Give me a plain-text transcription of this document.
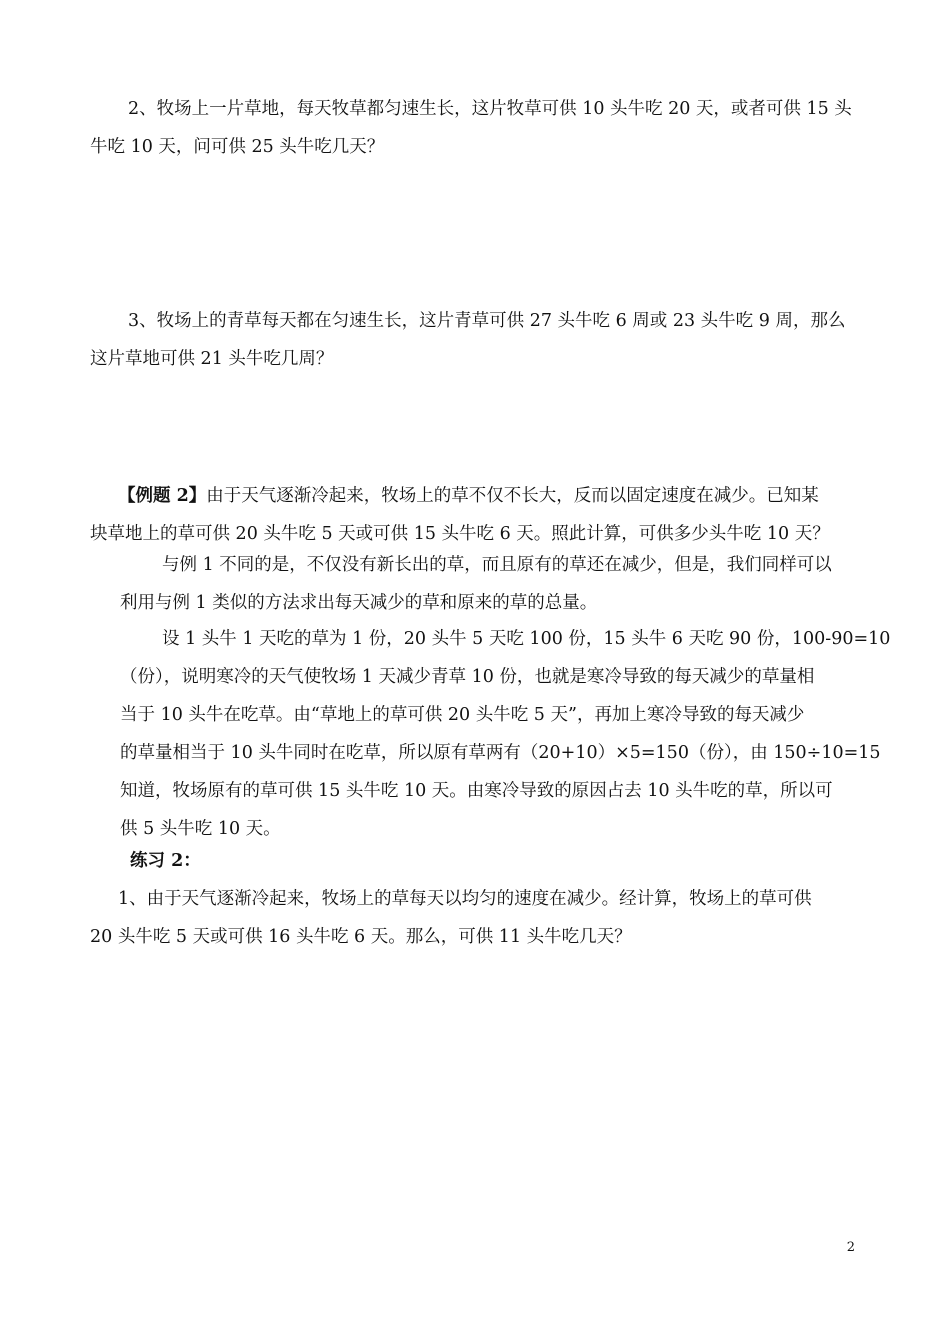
2、牧场上一片草地，每天牧草都匀速生长，这片牧草可供 10 头牛吃 20 天，或者可供 15 头
牛吃 10 天，问可供 25 头牛吃几天？
3、牧场上的青草每天都在匀速生长，这片青草可供 27 头牛吃 6 周或 23 头牛吃 9 周，那么
这片草地可供 21 头牛吃几周？
【例题 2】由于天气逐渐冷起来，牧场上的草不仅不长大，反而以固定速度在减少。已知某
块草地上的草可供 20 头牛吃 5 天或可供 15 头牛吃 6 天。照此计算，可供多少头牛吃 10 天？
与例 1 不同的是，不仅没有新长出的草，而且原有的草还在减少，但是，我们同样可以
利用与例 1 类似的方法求出每天减少的草和原来的草的总量。
设 1 头牛 1 天吃的草为 1 份，20 头牛 5 天吃 100 份，15 头牛 6 天吃 90 份，100-90=10
（份），说明寒冷的天气使牧场 1 天减少青草 10 份，也就是寒冷导致的每天减少的草量相
当于 10 头牛在吃草。由“草地上的草可供 20 头牛吃 5 天”，再加上寒冷导致的每天减少
的草量相当于 10 头牛同时在吃草，所以原有草两有（20+10）×5=150（份），由 150÷10=15
知道，牧场原有的草可供 15 头牛吃 10 天。由寒冷导致的原因占去 10 头牛吃的草，所以可
供 5 头牛吃 10 天。
练习 2：
1、由于天气逐渐冷起来，牧场上的草每天以均匀的速度在减少。经计算，牧场上的草可供
20 头牛吃 5 天或可供 16 头牛吃 6 天。那么，可供 11 头牛吃几天？
2
